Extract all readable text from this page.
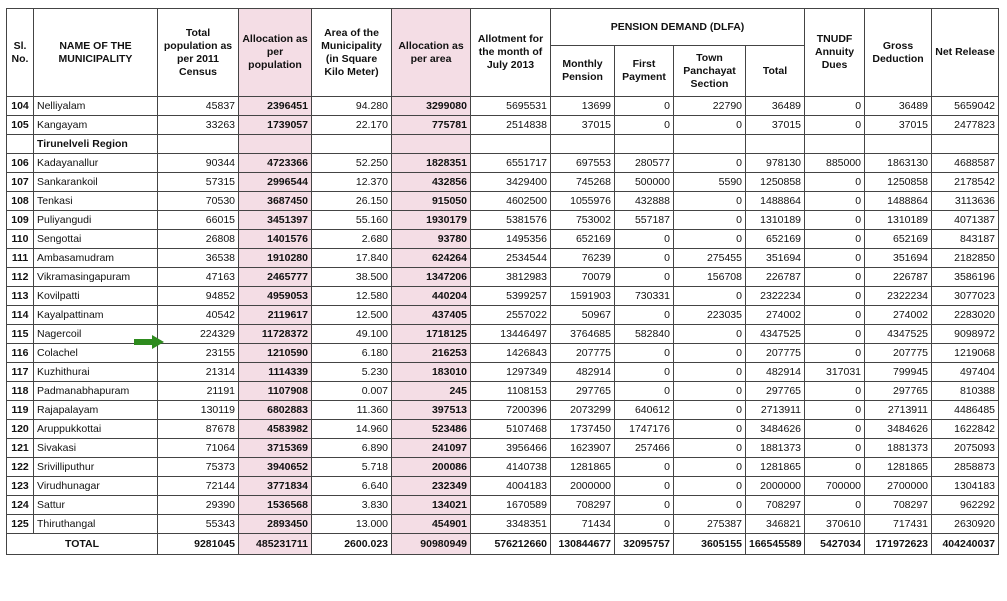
Sl. No.	NAME OF THE MUNICIPALITY	Total population as per 2011 Census	Allocation as per population	Area of the Municipality (in Square Kilo Meter)	Allocation as per area	Allotment for the month of July 2013	PENSION DEMAND (DLFA)				TNUDF Annuity Dues	Gross Deduction	Net Release
							Monthly Pension	First Payment	Town Panchayat Section	Total			
104	Nelliyalam	45837	2396451	94.280	3299080	5695531	13699	0	22790	36489	0	36489	5659042
105	Kangayam	33263	1739057	22.170	775781	2514838	37015	0	0	37015	0	37015	2477823
	Tirunelveli Region												
106	Kadayanallur	90344	4723366	52.250	1828351	6551717	697553	280577	0	978130	885000	1863130	4688587
107	Sankarankoil	57315	2996544	12.370	432856	3429400	745268	500000	5590	1250858	0	1250858	2178542
108	Tenkasi	70530	3687450	26.150	915050	4602500	1055976	432888	0	1488864	0	1488864	3113636
109	Puliyangudi	66015	3451397	55.160	1930179	5381576	753002	557187	0	1310189	0	1310189	4071387
110	Sengottai	26808	1401576	2.680	93780	1495356	652169	0	0	652169	0	652169	843187
111	Ambasamudram	36538	1910280	17.840	624264	2534544	76239	0	275455	351694	0	351694	2182850
112	Vikramasingapuram	47163	2465777	38.500	1347206	3812983	70079	0	156708	226787	0	226787	3586196
113	Kovilpatti	94852	4959053	12.580	440204	5399257	1591903	730331	0	2322234	0	2322234	3077023
114	Kayalpattinam	40542	2119617	12.500	437405	2557022	50967	0	223035	274002	0	274002	2283020
115	Nagercoil	224329	11728372	49.100	1718125	13446497	3764685	582840	0	4347525	0	4347525	9098972
116	Colachel	23155	1210590	6.180	216253	1426843	207775	0	0	207775	0	207775	1219068
117	Kuzhithurai	21314	1114339	5.230	183010	1297349	482914	0	0	482914	317031	799945	497404
118	Padmanabhapuram	21191	1107908	0.007	245	1108153	297765	0	0	297765	0	297765	810388
119	Rajapalayam	130119	6802883	11.360	397513	7200396	2073299	640612	0	2713911	0	2713911	4486485
120	Aruppukkottai	87678	4583982	14.960	523486	5107468	1737450	1747176	0	3484626	0	3484626	1622842
121	Sivakasi	71064	3715369	6.890	241097	3956466	1623907	257466	0	1881373	0	1881373	2075093
122	Srivilliputhur	75373	3940652	5.718	200086	4140738	1281865	0	0	1281865	0	1281865	2858873
123	Virudhunagar	72144	3771834	6.640	232349	4004183	2000000	0	0	2000000	700000	2700000	1304183
124	Sattur	29390	1536568	3.830	134021	1670589	708297	0	0	708297	0	708297	962292
125	Thiruthangal	55343	2893450	13.000	454901	3348351	71434	0	275387	346821	370610	717431	2630920
TOTAL		9281045	485231711	2600.023	90980949	576212660	130844677	32095757	3605155	166545589	5427034	171972623	404240037
